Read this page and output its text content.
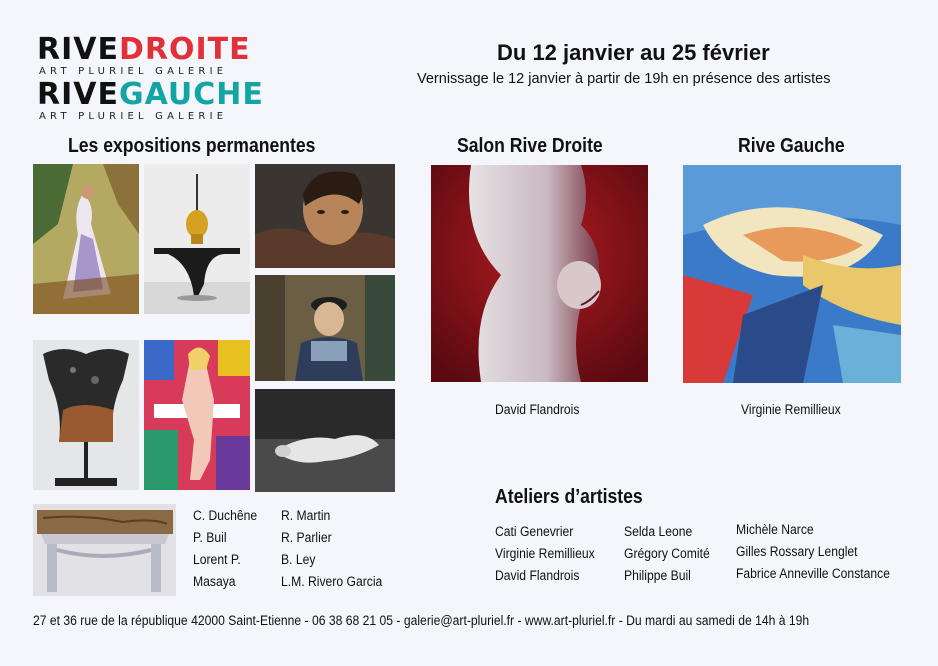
RIVEDROITE
ART PLURIEL GALERIE
RIVEGAUCHE
ART PLURIEL GALERIE
Du 12 janvier au 25 février
Vernissage le 12 janvier à partir de 19h en présence des artistes
Les expositions permanentes	Salon Rive Droite	Rive Gauche
C. Duchêne
P. Buil
Lorent P.
Masaya
R. Martin
R. Parlier
B. Ley
L.M. Rivero Garcia
David Flandrois	Virginie Remillieux
Ateliers d’artistes
Cati Genevrier
Virginie Remillieux
David Flandrois
Selda Leone
Grégory Comité
Philippe Buil
Michèle Narce
Gilles Rossary Lenglet
Fabrice Anneville Constance
27 et 36 rue de la république 42000 Saint-Etienne - 06 38 68 21 05 - galerie@art-pluriel.fr - www.art-pluriel.fr - Du mardi au samedi de 14h à 19h
